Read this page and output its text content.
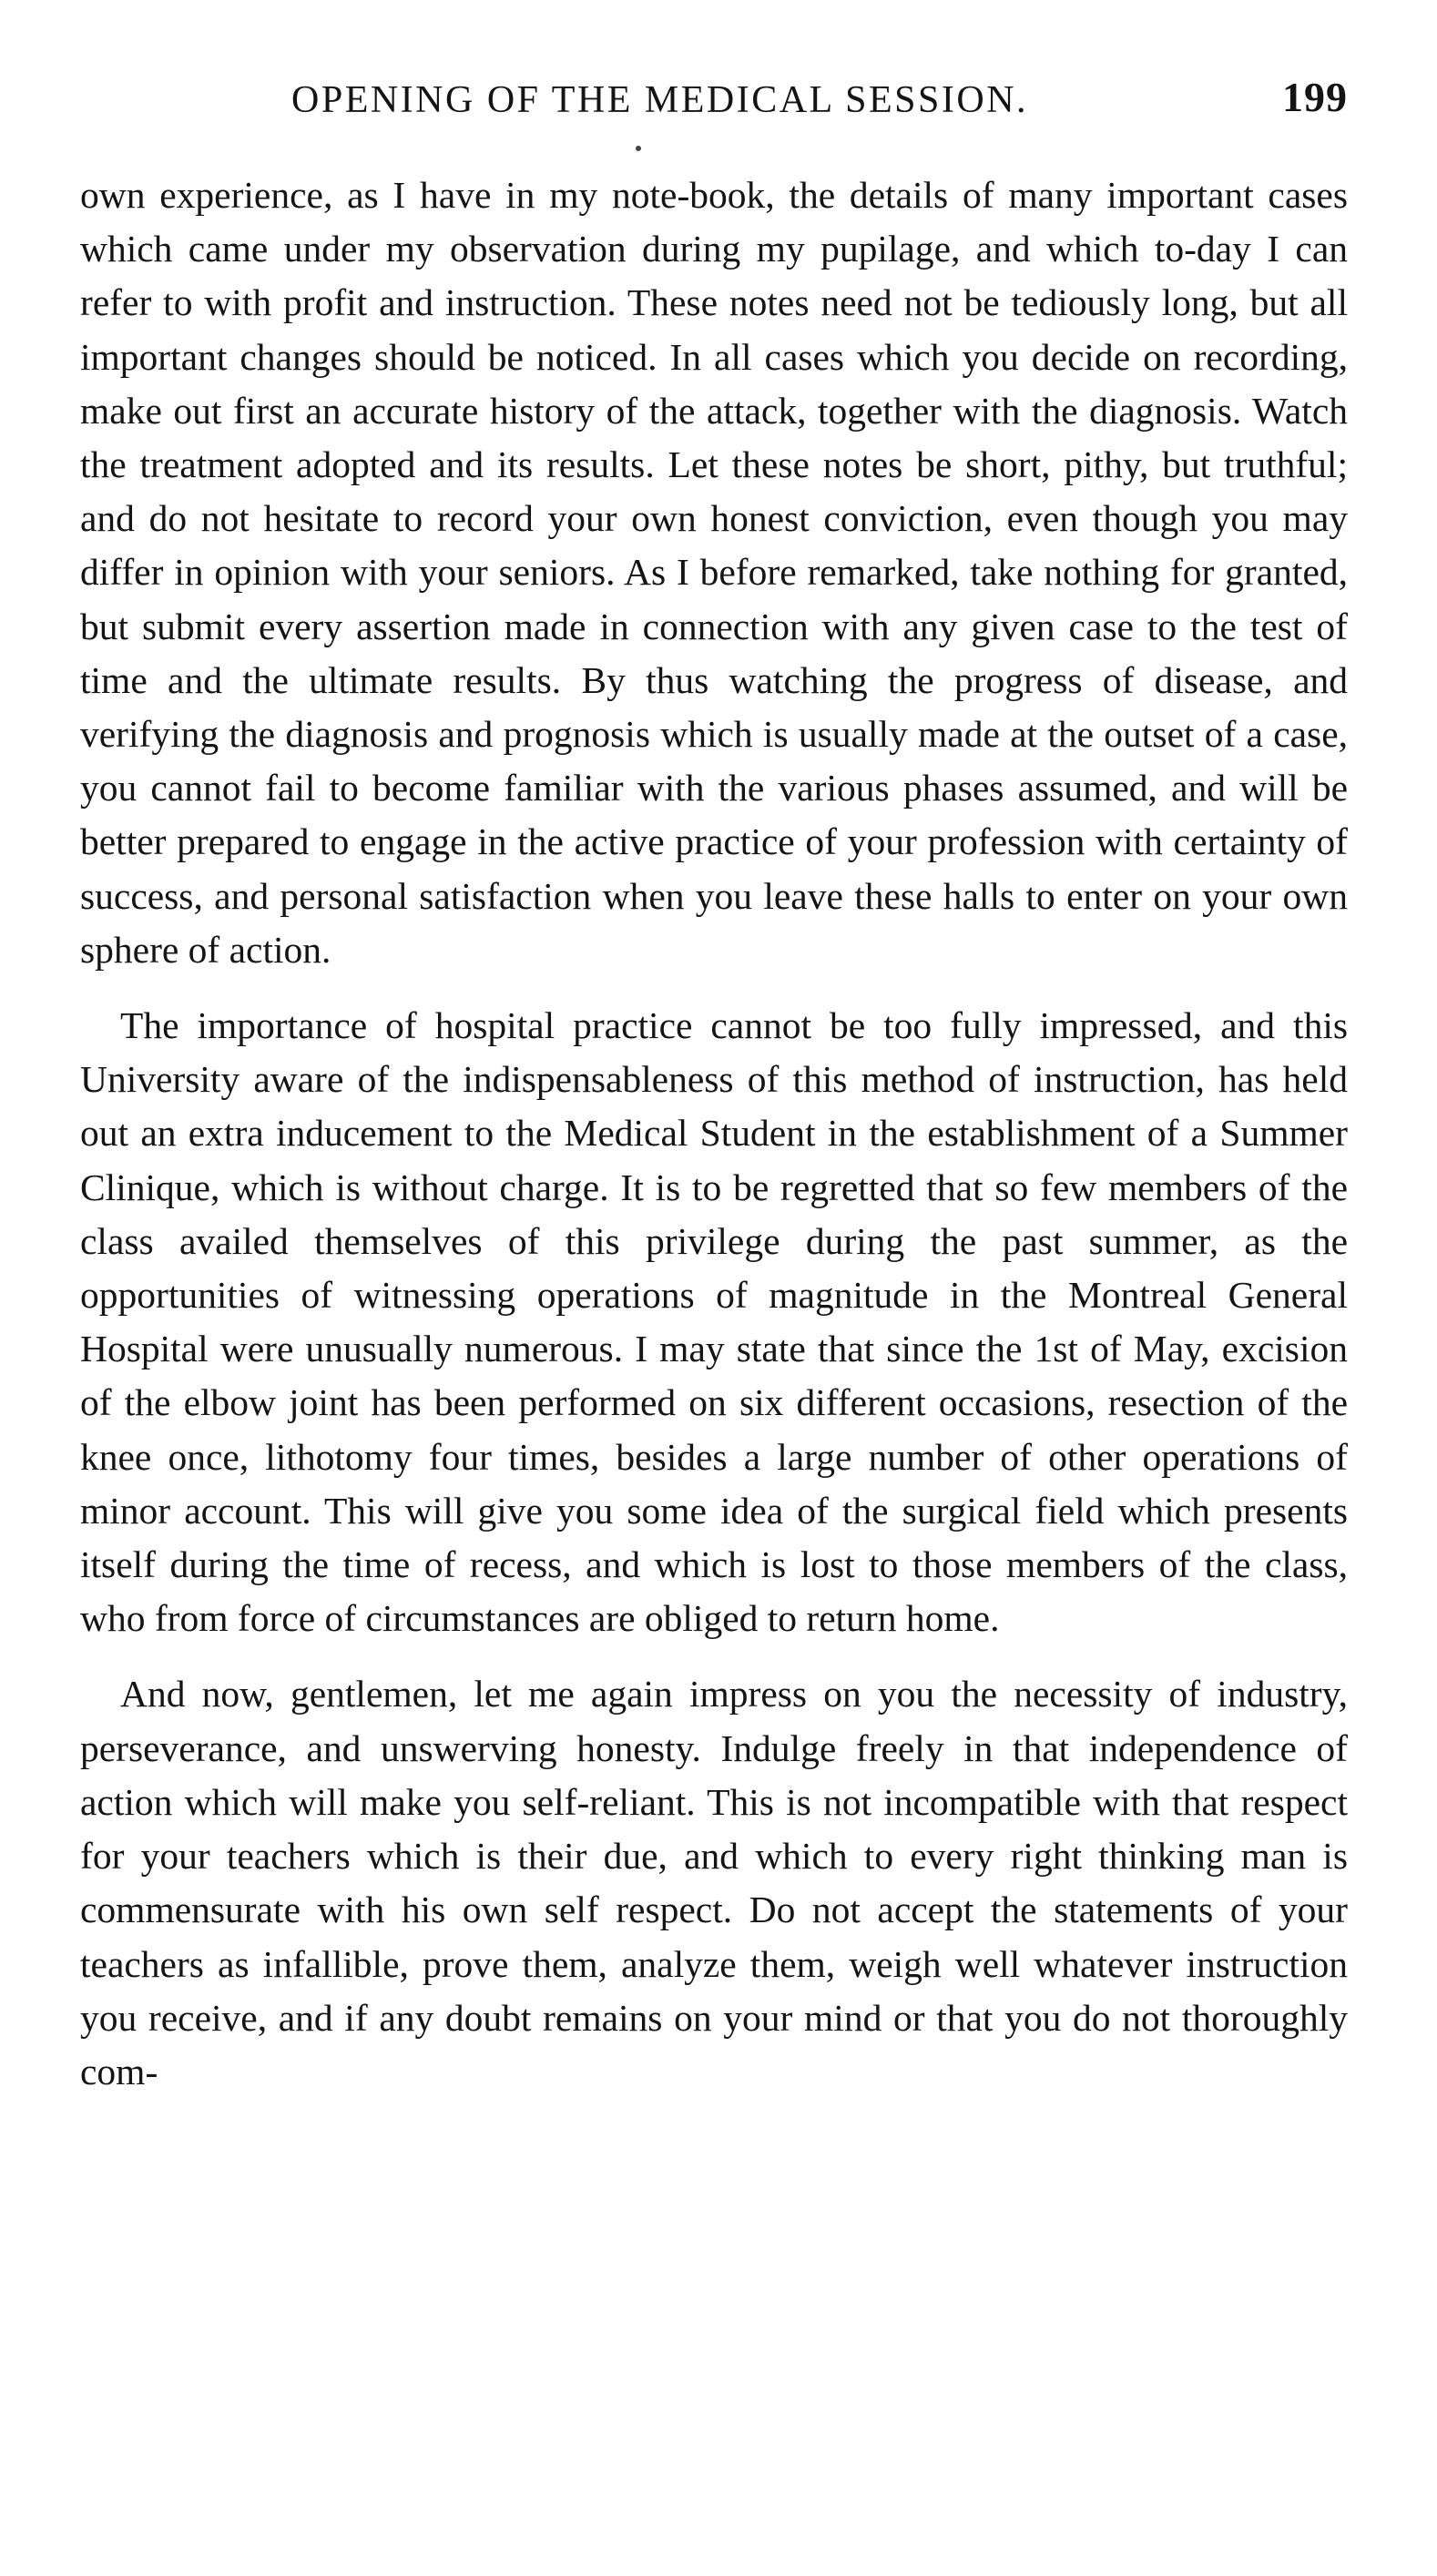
OPENING OF THE MEDICAL SESSION.	199

own experience, as I have in my note-book, the details of many important cases which came under my observation during my pupilage, and which to-day I can refer to with profit and instruction. These notes need not be tediously long, but all important changes should be noticed. In all cases which you decide on recording, make out first an accurate history of the attack, together with the diagnosis. Watch the treatment adopted and its results. Let these notes be short, pithy, but truthful; and do not hesitate to record your own honest conviction, even though you may differ in opinion with your seniors. As I before remarked, take nothing for granted, but submit every assertion made in connection with any given case to the test of time and the ultimate results. By thus watching the progress of disease, and verifying the diagnosis and prognosis which is usually made at the outset of a case, you cannot fail to become familiar with the various phases assumed, and will be better prepared to engage in the active practice of your profession with certainty of success, and personal satisfaction when you leave these halls to enter on your own sphere of action.

The importance of hospital practice cannot be too fully impressed, and this University aware of the indispensableness of this method of instruction, has held out an extra inducement to the Medical Student in the establishment of a Summer Clinique, which is without charge. It is to be regretted that so few members of the class availed themselves of this privilege during the past summer, as the opportunities of witnessing operations of magnitude in the Montreal General Hospital were unusually numerous. I may state that since the 1st of May, excision of the elbow joint has been performed on six different occasions, resection of the knee once, lithotomy four times, besides a large number of other operations of minor account. This will give you some idea of the surgical field which presents itself during the time of recess, and which is lost to those members of the class, who from force of circumstances are obliged to return home.

And now, gentlemen, let me again impress on you the necessity of industry, perseverance, and unswerving honesty. Indulge freely in that independence of action which will make you self-reliant. This is not incompatible with that respect for your teachers which is their due, and which to every right thinking man is commensurate with his own self respect. Do not accept the statements of your teachers as infallible, prove them, analyze them, weigh well whatever instruction you receive, and if any doubt remains on your mind or that you do not thoroughly com-
